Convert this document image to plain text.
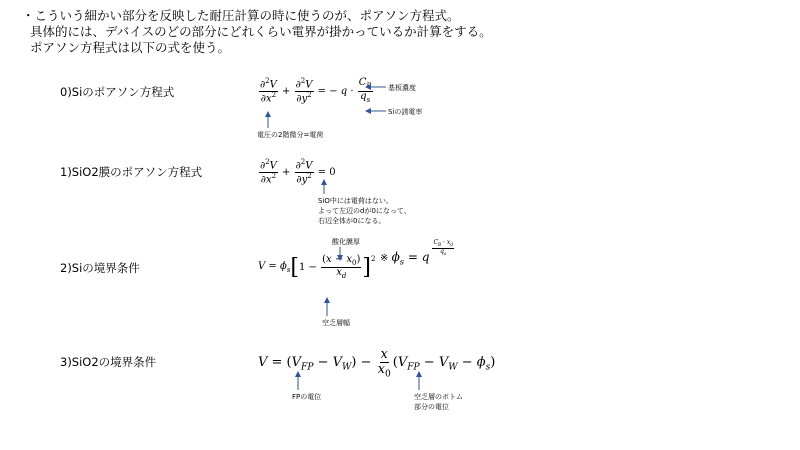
・こういう細かい部分を反映した耐圧計算の時に使うのが、ポアソン方程式。
具体的には、デバイスのどの部分にどれくらい電界が掛かっているか計算をする。
ポアソン方程式は以下の式を使う。
0)Siのポアソン方程式
1)SiO2膜のポアソン方程式
2)Siの境界条件
3)SiO2の境界条件
$\frac{\partial^2V}{\partial x^2} + \frac{\partial^2V}{\partial y^2}$ = − $q \cdot \frac{C_B}{q_s}$
$\frac{\partial^2V}{\partial x^2} + \frac{\partial^2V}{\partial y^2} = 0$
$V = \phi_s$ [ $1 - \frac{(x - x_0)}{x_d}$ ] 2 ※ $\phi_s = q$
$\frac{C_B \cdot x_d}{q_s}$
$V = (V_{FP} - V_W) - \frac{x}{x_0} (V_{FP} - V_W - \phi_s)$
基板濃度
Siの誘電率
電圧の2階微分=電荷
SiO中には電荷はない。
よって左辺のdが0になって、
右辺全体が0になる。
酸化膜厚
空乏層幅
FPの電位	空乏層のボトム
部分の電位
